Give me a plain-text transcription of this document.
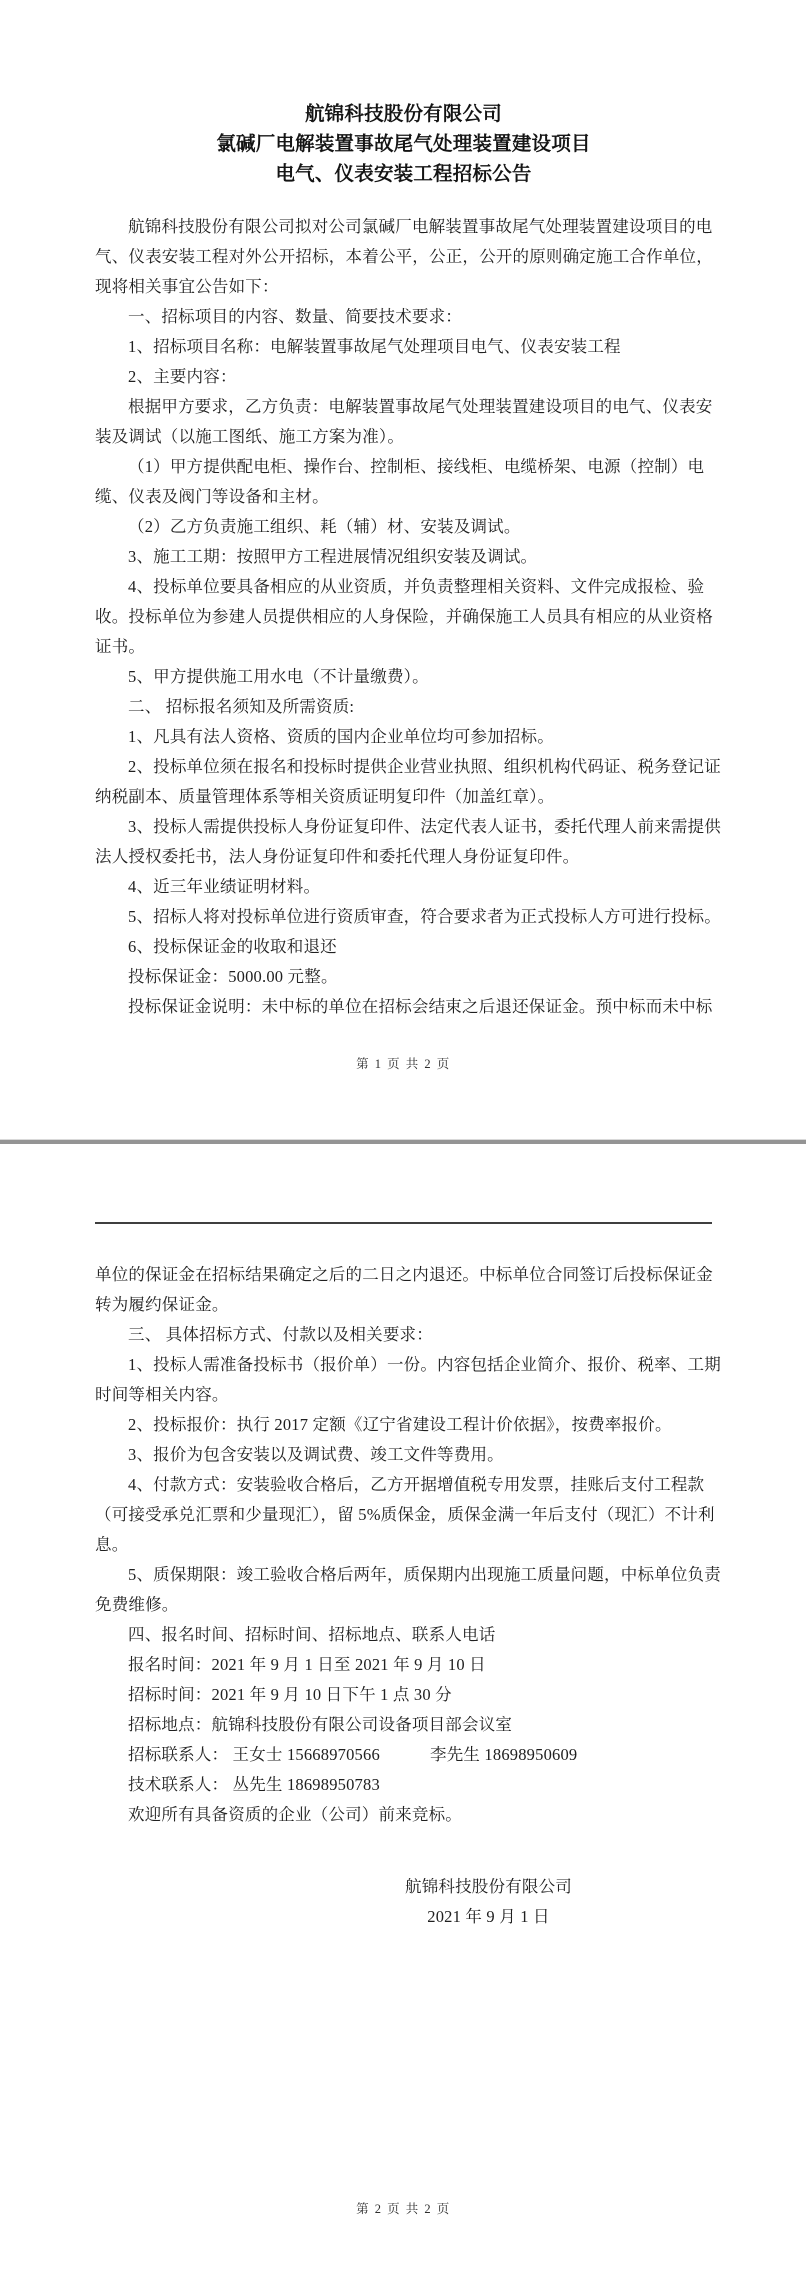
航锦科技股份有限公司
氯碱厂电解装置事故尾气处理装置建设项目
电气、仪表安装工程招标公告
航锦科技股份有限公司拟对公司氯碱厂电解装置事故尾气处理装置建设项目的电
气、仪表安装工程对外公开招标，本着公平，公正，公开的原则确定施工合作单位，
现将相关事宜公告如下：
一、招标项目的内容、数量、简要技术要求：
1、招标项目名称：电解装置事故尾气处理项目电气、仪表安装工程
2、主要内容：
根据甲方要求，乙方负责：电解装置事故尾气处理装置建设项目的电气、仪表安
装及调试（以施工图纸、施工方案为准）。
（1）甲方提供配电柜、操作台、控制柜、接线柜、电缆桥架、电源（控制）电
缆、仪表及阀门等设备和主材。
（2）乙方负责施工组织、耗（辅）材、安装及调试。
3、施工工期：按照甲方工程进展情况组织安装及调试。
4、投标单位要具备相应的从业资质，并负责整理相关资料、文件完成报检、验
收。投标单位为参建人员提供相应的人身保险，并确保施工人员具有相应的从业资格
证书。
5、甲方提供施工用水电（不计量缴费）。
二、 招标报名须知及所需资质:
1、凡具有法人资格、资质的国内企业单位均可参加招标。
2、投标单位须在报名和投标时提供企业营业执照、组织机构代码证、税务登记证
纳税副本、质量管理体系等相关资质证明复印件（加盖红章）。
3、投标人需提供投标人身份证复印件、法定代表人证书，委托代理人前来需提供
法人授权委托书，法人身份证复印件和委托代理人身份证复印件。
4、近三年业绩证明材料。
5、招标人将对投标单位进行资质审查，符合要求者为正式投标人方可进行投标。
6、投标保证金的收取和退还
投标保证金：5000.00 元整。
投标保证金说明：未中标的单位在招标会结束之后退还保证金。预中标而未中标
第 1 页 共 2 页
单位的保证金在招标结果确定之后的二日之内退还。中标单位合同签订后投标保证金
转为履约保证金。
三、 具体招标方式、付款以及相关要求：
1、投标人需准备投标书（报价单）一份。内容包括企业简介、报价、税率、工期
时间等相关内容。
2、投标报价：执行 2017 定额《辽宁省建设工程计价依据》，按费率报价。
3、报价为包含安装以及调试费、竣工文件等费用。
4、付款方式：安装验收合格后，乙方开据增值税专用发票，挂账后支付工程款
（可接受承兑汇票和少量现汇），留 5%质保金，质保金满一年后支付（现汇）不计利
息。
5、质保期限：竣工验收合格后两年，质保期内出现施工质量问题，中标单位负责
免费维修。
四、报名时间、招标时间、招标地点、联系人电话
报名时间：2021 年 9 月 1 日至 2021 年 9 月 10 日
招标时间：2021 年 9 月 10 日下午 1 点 30 分
招标地点：航锦科技股份有限公司设备项目部会议室
招标联系人： 王女士 15668970566　　　李先生 18698950609
技术联系人： 丛先生 18698950783
欢迎所有具备资质的企业（公司）前来竞标。
航锦科技股份有限公司
2021 年 9 月 1 日
第 2 页 共 2 页
